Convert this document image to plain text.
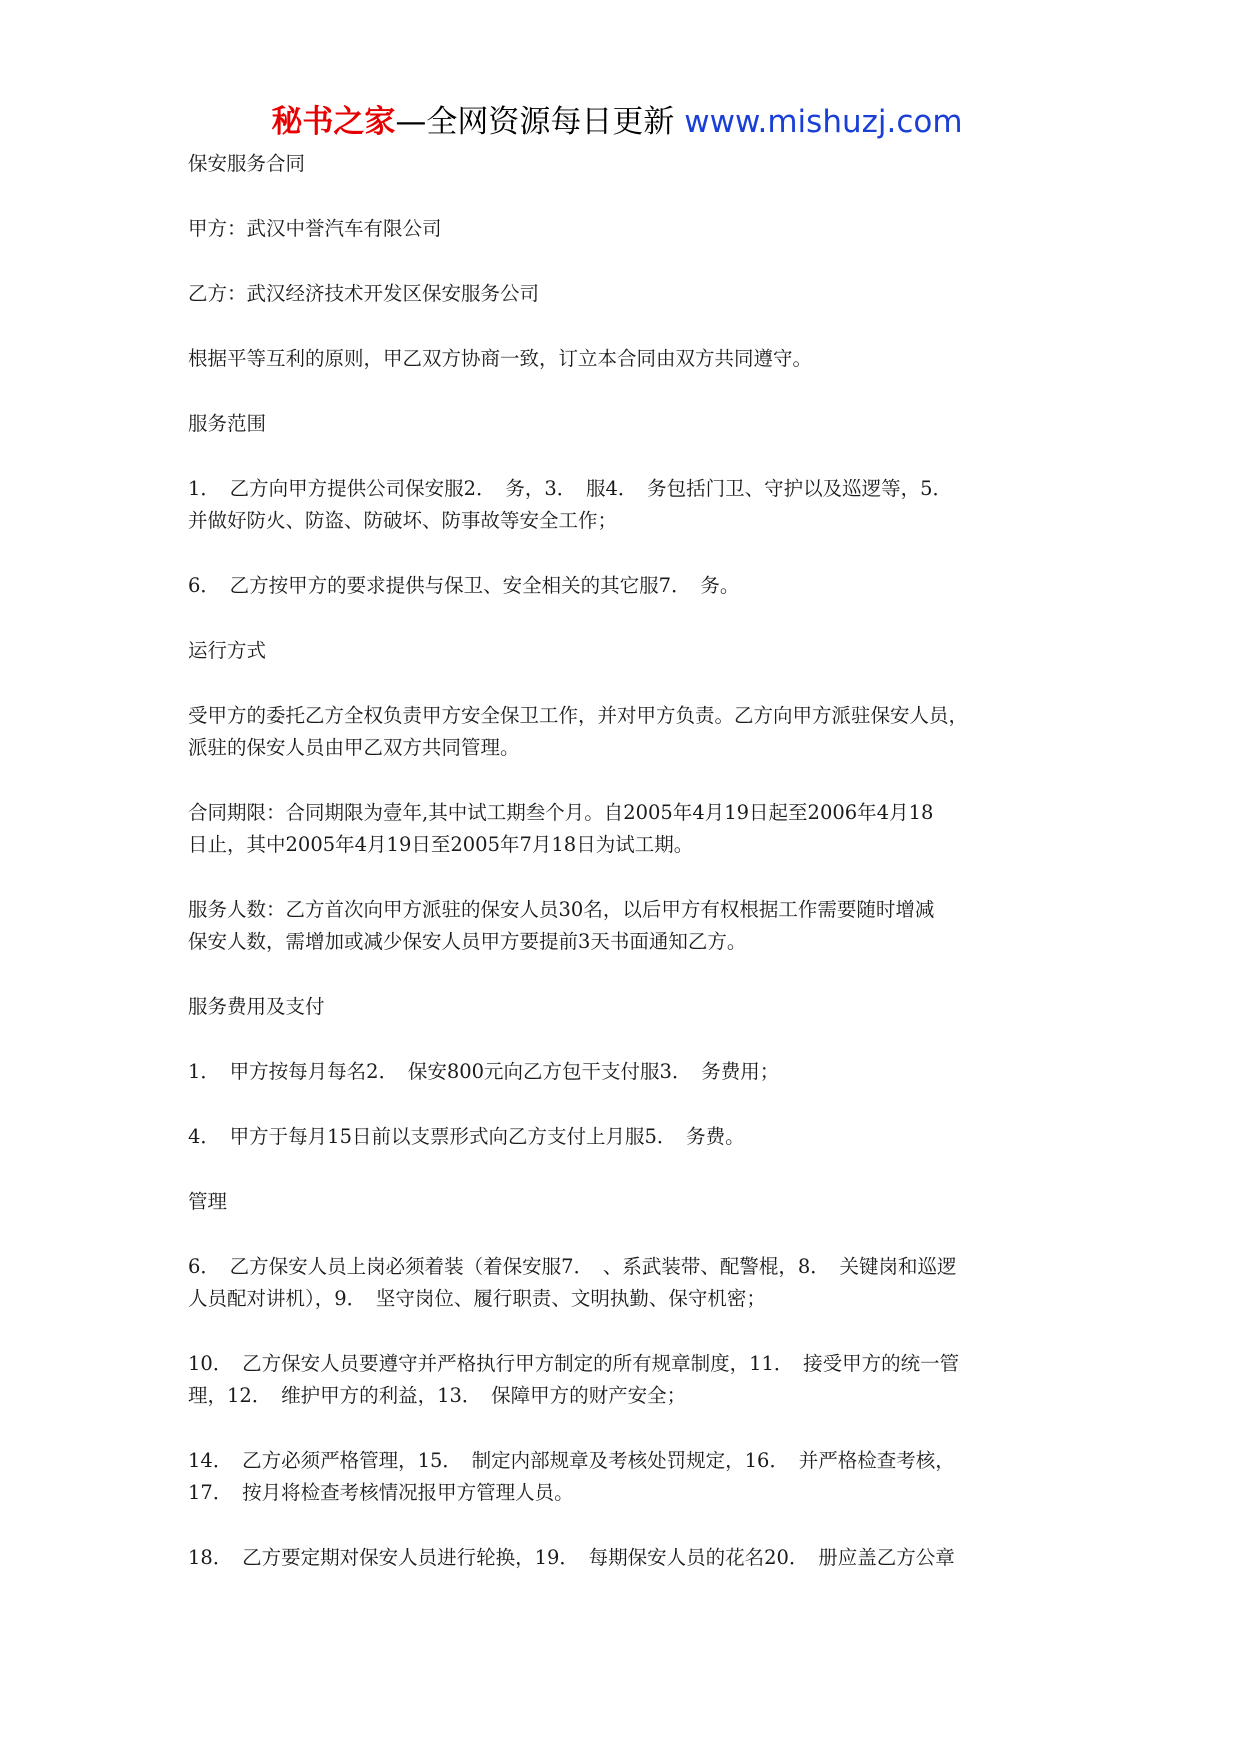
秘书之家—全网资源每日更新 www.mishuzj.com

保安服务合同

甲方：武汉中誉汽车有限公司

乙方：武汉经济技术开发区保安服务公司

根据平等互利的原则，甲乙双方协商一致，订立本合同由双方共同遵守。

服务范围

1．　乙方向甲方提供公司保安服2．　务，3．　服4．　务包括门卫、守护以及巡逻等，5．
并做好防火、防盗、防破坏、防事故等安全工作；

6．　乙方按甲方的要求提供与保卫、安全相关的其它服7．　务。

运行方式

受甲方的委托乙方全权负责甲方安全保卫工作，并对甲方负责。乙方向甲方派驻保安人员，
派驻的保安人员由甲乙双方共同管理。

合同期限：合同期限为壹年,其中试工期叁个月。自2005年4月19日起至2006年4月18
日止，其中2005年4月19日至2005年7月18日为试工期。

服务人数：乙方首次向甲方派驻的保安人员30名，以后甲方有权根据工作需要随时增减
保安人数，需增加或减少保安人员甲方要提前3天书面通知乙方。

服务费用及支付

1．　甲方按每月每名2．　保安800元向乙方包干支付服3．　务费用；

4．　甲方于每月15日前以支票形式向乙方支付上月服5．　务费。

管理

6．　乙方保安人员上岗必须着装（着保安服7．　、系武装带、配警棍，8．　关键岗和巡逻
人员配对讲机），9．　坚守岗位、履行职责、文明执勤、保守机密；

10．　乙方保安人员要遵守并严格执行甲方制定的所有规章制度，11．　接受甲方的统一管
理，12．　维护甲方的利益，13．　保障甲方的财产安全；

14．　乙方必须严格管理，15．　制定内部规章及考核处罚规定，16．　并严格检查考核，
17．　按月将检查考核情况报甲方管理人员。

18．　乙方要定期对保安人员进行轮换，19．　每期保安人员的花名20．　册应盖乙方公章
